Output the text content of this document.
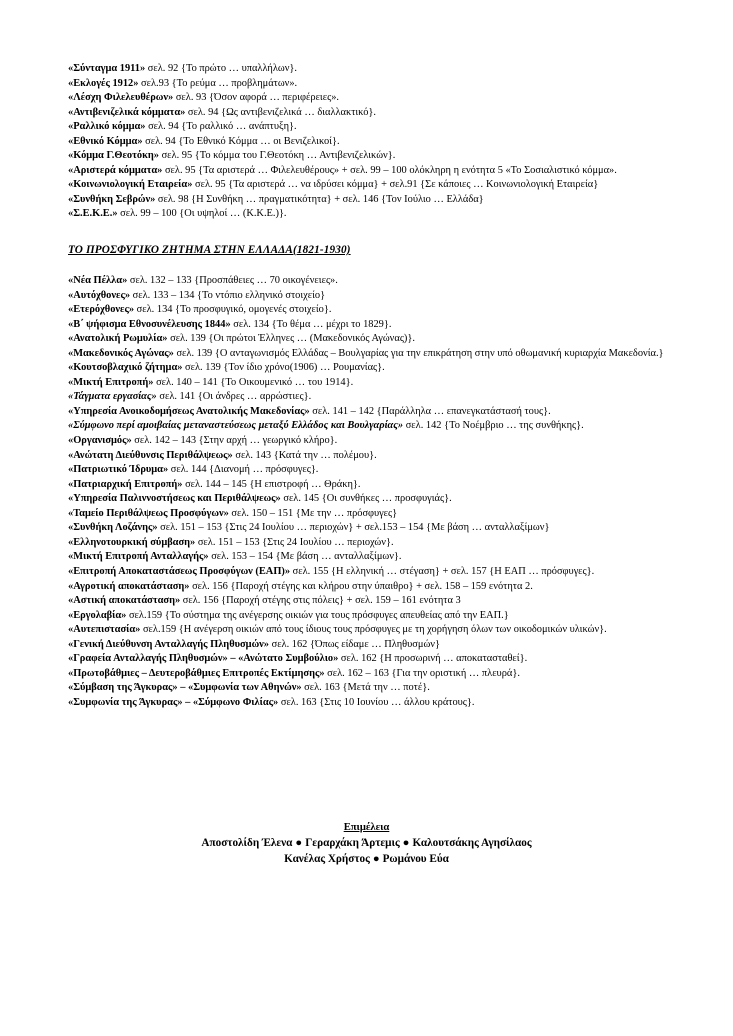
«Σύνταγμα 1911» σελ. 92 {Το πρώτο … υπαλλήλων}.

«Εκλογές 1912» σελ.93 {Το ρεύμα … προβλημάτων».

«Λέσχη Φιλελευθέρων» σελ. 93 {Όσον αφορά … περιφέρειες».

«Αντιβενιζελικά κόμματα» σελ. 94 {Ως αντιβενιζελικά … διαλλακτικό}.

«Ραλλικό κόμμα» σελ. 94 {Το ραλλικό … ανάπτυξη}.

«Εθνικό Κόμμα» σελ. 94 {Το Εθνικό Κόμμα … οι Βενιζελικοί}.

«Κόμμα Γ.Θεοτόκη» σελ. 95 {Το κόμμα του Γ.Θεοτόκη … Αντιβενιζελικών}.

«Αριστερά κόμματα» σελ. 95 {Τα αριστερά … Φιλελευθέρους» + σελ. 99 – 100 ολόκληρη η ενότητα 5 «Το Σοσιαλιστικό κόμμα».

«Κοινωνιολογική Εταιρεία» σελ. 95 {Τα αριστερά … να ιδρύσει κόμμα} + σελ.91 {Σε κάποιες … Κοινωνιολογική Εταιρεία}

«Συνθήκη Σεβρών» σελ. 98 {Η Συνθήκη … πραγματικότητα} + σελ. 146 {Τον Ιούλιο … Ελλάδα}

«Σ.Ε.Κ.Ε.» σελ. 99 – 100 {Οι υψηλοί … (Κ.Κ.Ε.)}.

ΤΟ ΠΡΟΣΦΥΓΙΚΟ ΖΗΤΗΜΑ ΣΤΗΝ ΕΛΛΑΔΑ(1821-1930)

«Νέα Πέλλα» σελ. 132 – 133 {Προσπάθειες … 70 οικογένειες».

«Αυτόχθονες» σελ. 133 – 134 {Το ντόπιο ελληνικό στοιχείο}

«Ετερόχθονες» σελ. 134 {Το προσφυγικό, ομογενές στοιχείο}.

«Β΄ ψήφισμα Εθνοσυνέλευσης 1844» σελ. 134 {Το θέμα … μέχρι το 1829}.

«Ανατολική Ρωμυλία» σελ. 139 {Οι πρώτοι Έλληνες … (Μακεδονικός Αγώνας)}.

«Μακεδονικός Αγώνας» σελ. 139 {Ο ανταγωνισμός Ελλάδας – Βουλγαρίας για την επικράτηση στην υπό οθωμανική κυριαρχία Μακεδονία.}

«Κουτσοβλαχικό ζήτημα» σελ. 139 {Τον ίδιο χρόνο(1906) … Ρουμανίας}.

«Μικτή Επιτροπή» σελ. 140 – 141 {Το Οικουμενικό … του 1914}.

«Τάγματα εργασίας» σελ. 141 {Οι άνδρες … αρρώστιες}.

«Υπηρεσία Ανοικοδομήσεως Ανατολικής Μακεδονίας» σελ. 141 – 142 {Παράλληλα … επανεγκατάστασή τους}.

«Σύμφωνο περί αμοιβαίας μεταναστεύσεως μεταξύ Ελλάδος και Βουλγαρίας» σελ. 142 {Το Νοέμβριο … της συνθήκης}.

«Οργανισμός» σελ. 142 – 143 {Στην αρχή … γεωργικό κλήρο}.

«Ανώτατη Διεύθυνσις Περιθάλψεως» σελ. 143 {Κατά την … πολέμου}.

«Πατριωτικό Ίδρυμα» σελ. 144 {Διανομή … πρόσφυγες}.

«Πατριαρχική Επιτροπή» σελ. 144 – 145 {Η επιστροφή … Θράκη}.

«Υπηρεσία Παλιννοστήσεως και Περιθάλψεως» σελ. 145 {Οι συνθήκες … προσφυγιάς}.

«Ταμείο Περιθάλψεως Προσφύγων» σελ. 150 – 151 {Με την … πρόσφυγες}

«Συνθήκη Λοζάνης» σελ. 151 – 153 {Στις 24 Ιουλίου … περιοχών} + σελ.153 – 154 {Με βάση … ανταλλαξίμων}

«Ελληνοτουρκική σύμβαση» σελ. 151 – 153 {Στις 24 Ιουλίου … περιοχών}.

«Μικτή Επιτροπή Ανταλλαγής» σελ. 153 – 154 {Με βάση … ανταλλαξίμων}.

«Επιτροπή Αποκαταστάσεως Προσφύγων (ΕΑΠ)» σελ. 155 {Η ελληνική … στέγαση} + σελ. 157 {Η ΕΑΠ … πρόσφυγες}.

«Αγροτική αποκατάσταση» σελ. 156 {Παροχή στέγης και κλήρου στην ύπαιθρο} + σελ. 158 – 159 ενότητα 2.

«Αστική αποκατάσταση» σελ. 156 {Παροχή στέγης στις πόλεις} + σελ. 159 – 161 ενότητα 3

«Εργολαβία» σελ.159 {Το σύστημα της ανέγερσης οικιών για τους πρόσφυγες απευθείας από την ΕΑΠ.}

«Αυτεπιστασία» σελ.159 {Η ανέγερση οικιών από τους ίδιους τους πρόσφυγες με τη χορήγηση όλων των οικοδομικών υλικών}.

«Γενική Διεύθυνση Ανταλλαγής Πληθυσμών» σελ. 162 {Όπως είδαμε … Πληθυσμών}

«Γραφεία Ανταλλαγής Πληθυσμών» – «Ανώτατο Συμβούλιο» σελ. 162 {Η προσωρινή … αποκατασταθεί}.

«Πρωτοβάθμιες – Δευτεροβάθμιες Επιτροπές Εκτίμησης» σελ. 162 – 163 {Για την οριστική … πλευρά}.

«Σύμβαση της Άγκυρας» – «Συμφωνία των Αθηνών» σελ. 163 {Μετά την … ποτέ}.

«Συμφωνία της Άγκυρας» – «Σύμφωνο Φιλίας» σελ. 163 {Στις 10 Ιουνίου … άλλου κράτους}.

Επιμέλεια
Αποστολίδη Έλενα ● Γεραρχάκη Άρτεμις ● Καλουτσάκης Αγησίλαος
Κανέλας Χρήστος ● Ρωμάνου Εύα
